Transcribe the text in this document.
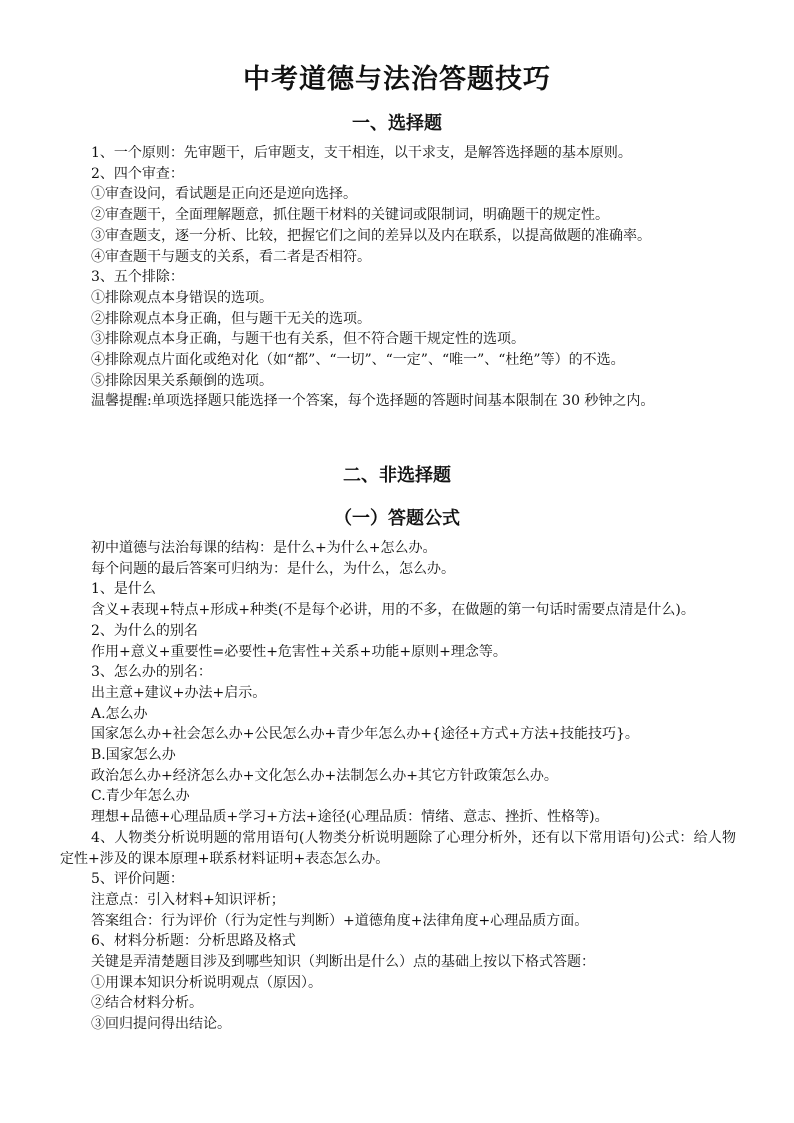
中考道德与法治答题技巧
一、选择题

1、一个原则：先审题干，后审题支，支干相连，以干求支，是解答选择题的基本原则。

2、四个审查：

①审查设问，看试题是正向还是逆向选择。

②审查题干，全面理解题意，抓住题干材料的关键词或限制词，明确题干的规定性。

③审查题支，逐一分析、比较，把握它们之间的差异以及内在联系，以提高做题的准确率。

④审查题干与题支的关系，看二者是否相符。

3、五个排除：

①排除观点本身错误的选项。

②排除观点本身正确，但与题干无关的选项。

③排除观点本身正确，与题干也有关系，但不符合题干规定性的选项。

④排除观点片面化或绝对化（如“都”、“一切”、“一定”、“唯一”、“杜绝”等）的不选。

⑤排除因果关系颠倒的选项。

温馨提醒:单项选择题只能选择一个答案，每个选择题的答题时间基本限制在 30 秒钟之内。

二、非选择题
（一）答题公式

初中道德与法治每课的结构：是什么+为什么+怎么办。

每个问题的最后答案可归纳为：是什么，为什么，怎么办。

1、是什么

含义+表现+特点+形成+种类(不是每个必讲，用的不多，在做题的第一句话时需要点清是什么)。

2、为什么的别名

作用+意义+重要性=必要性+危害性+关系+功能+原则+理念等。

3、怎么办的别名：

出主意+建议+办法+启示。

A.怎么办

国家怎么办+社会怎么办+公民怎么办+青少年怎么办+{途径+方式+方法+技能技巧}。

B.国家怎么办

政治怎么办+经济怎么办+文化怎么办+法制怎么办+其它方针政策怎么办。

C.青少年怎么办

理想+品德+心理品质+学习+方法+途径(心理品质：情绪、意志、挫折、性格等)。

4、人物类分析说明题的常用语句(人物类分析说明题除了心理分析外，还有以下常用语句)公式：给人物定性+涉及的课本原理+联系材料证明+表态怎么办。

5、评价问题：

注意点：引入材料+知识评析；

答案组合：行为评价（行为定性与判断）+道德角度+法律角度+心理品质方面。

6、材料分析题：分析思路及格式

关键是弄清楚题目涉及到哪些知识（判断出是什么）点的基础上按以下格式答题：

①用课本知识分析说明观点（原因）。

②结合材料分析。

③回归提问得出结论。
